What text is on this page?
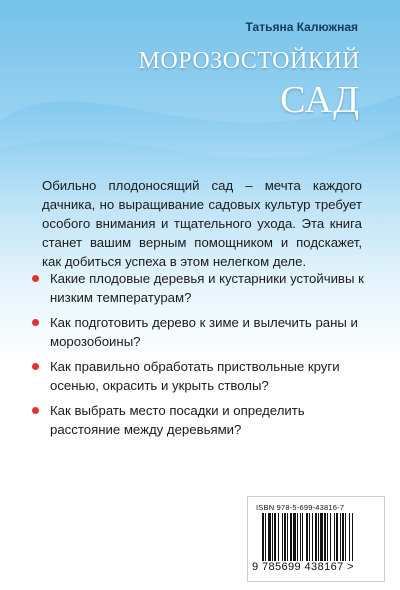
Татьяна Калюжная
МОРОЗОСТОЙКИЙ
САД
Обильно плодоносящий сад – мечта каждого дачника, но выращивание садовых культур требует особого внимания и тщательного ухода. Эта книга станет вашим верным помощником и подскажет, как добиться успеха в этом нелегком деле.
Какие плодовые деревья и кустарники устойчивы к низким температурам?
Как подготовить дерево к зиме и вылечить раны и морозобоины?
Как правильно обработать приствольные круги осенью, окрасить и укрыть стволы?
Как выбрать место посадки и определить расстояние между деревьями?
ISBN 978-5-699-43816-7
9 785699 438167 >
